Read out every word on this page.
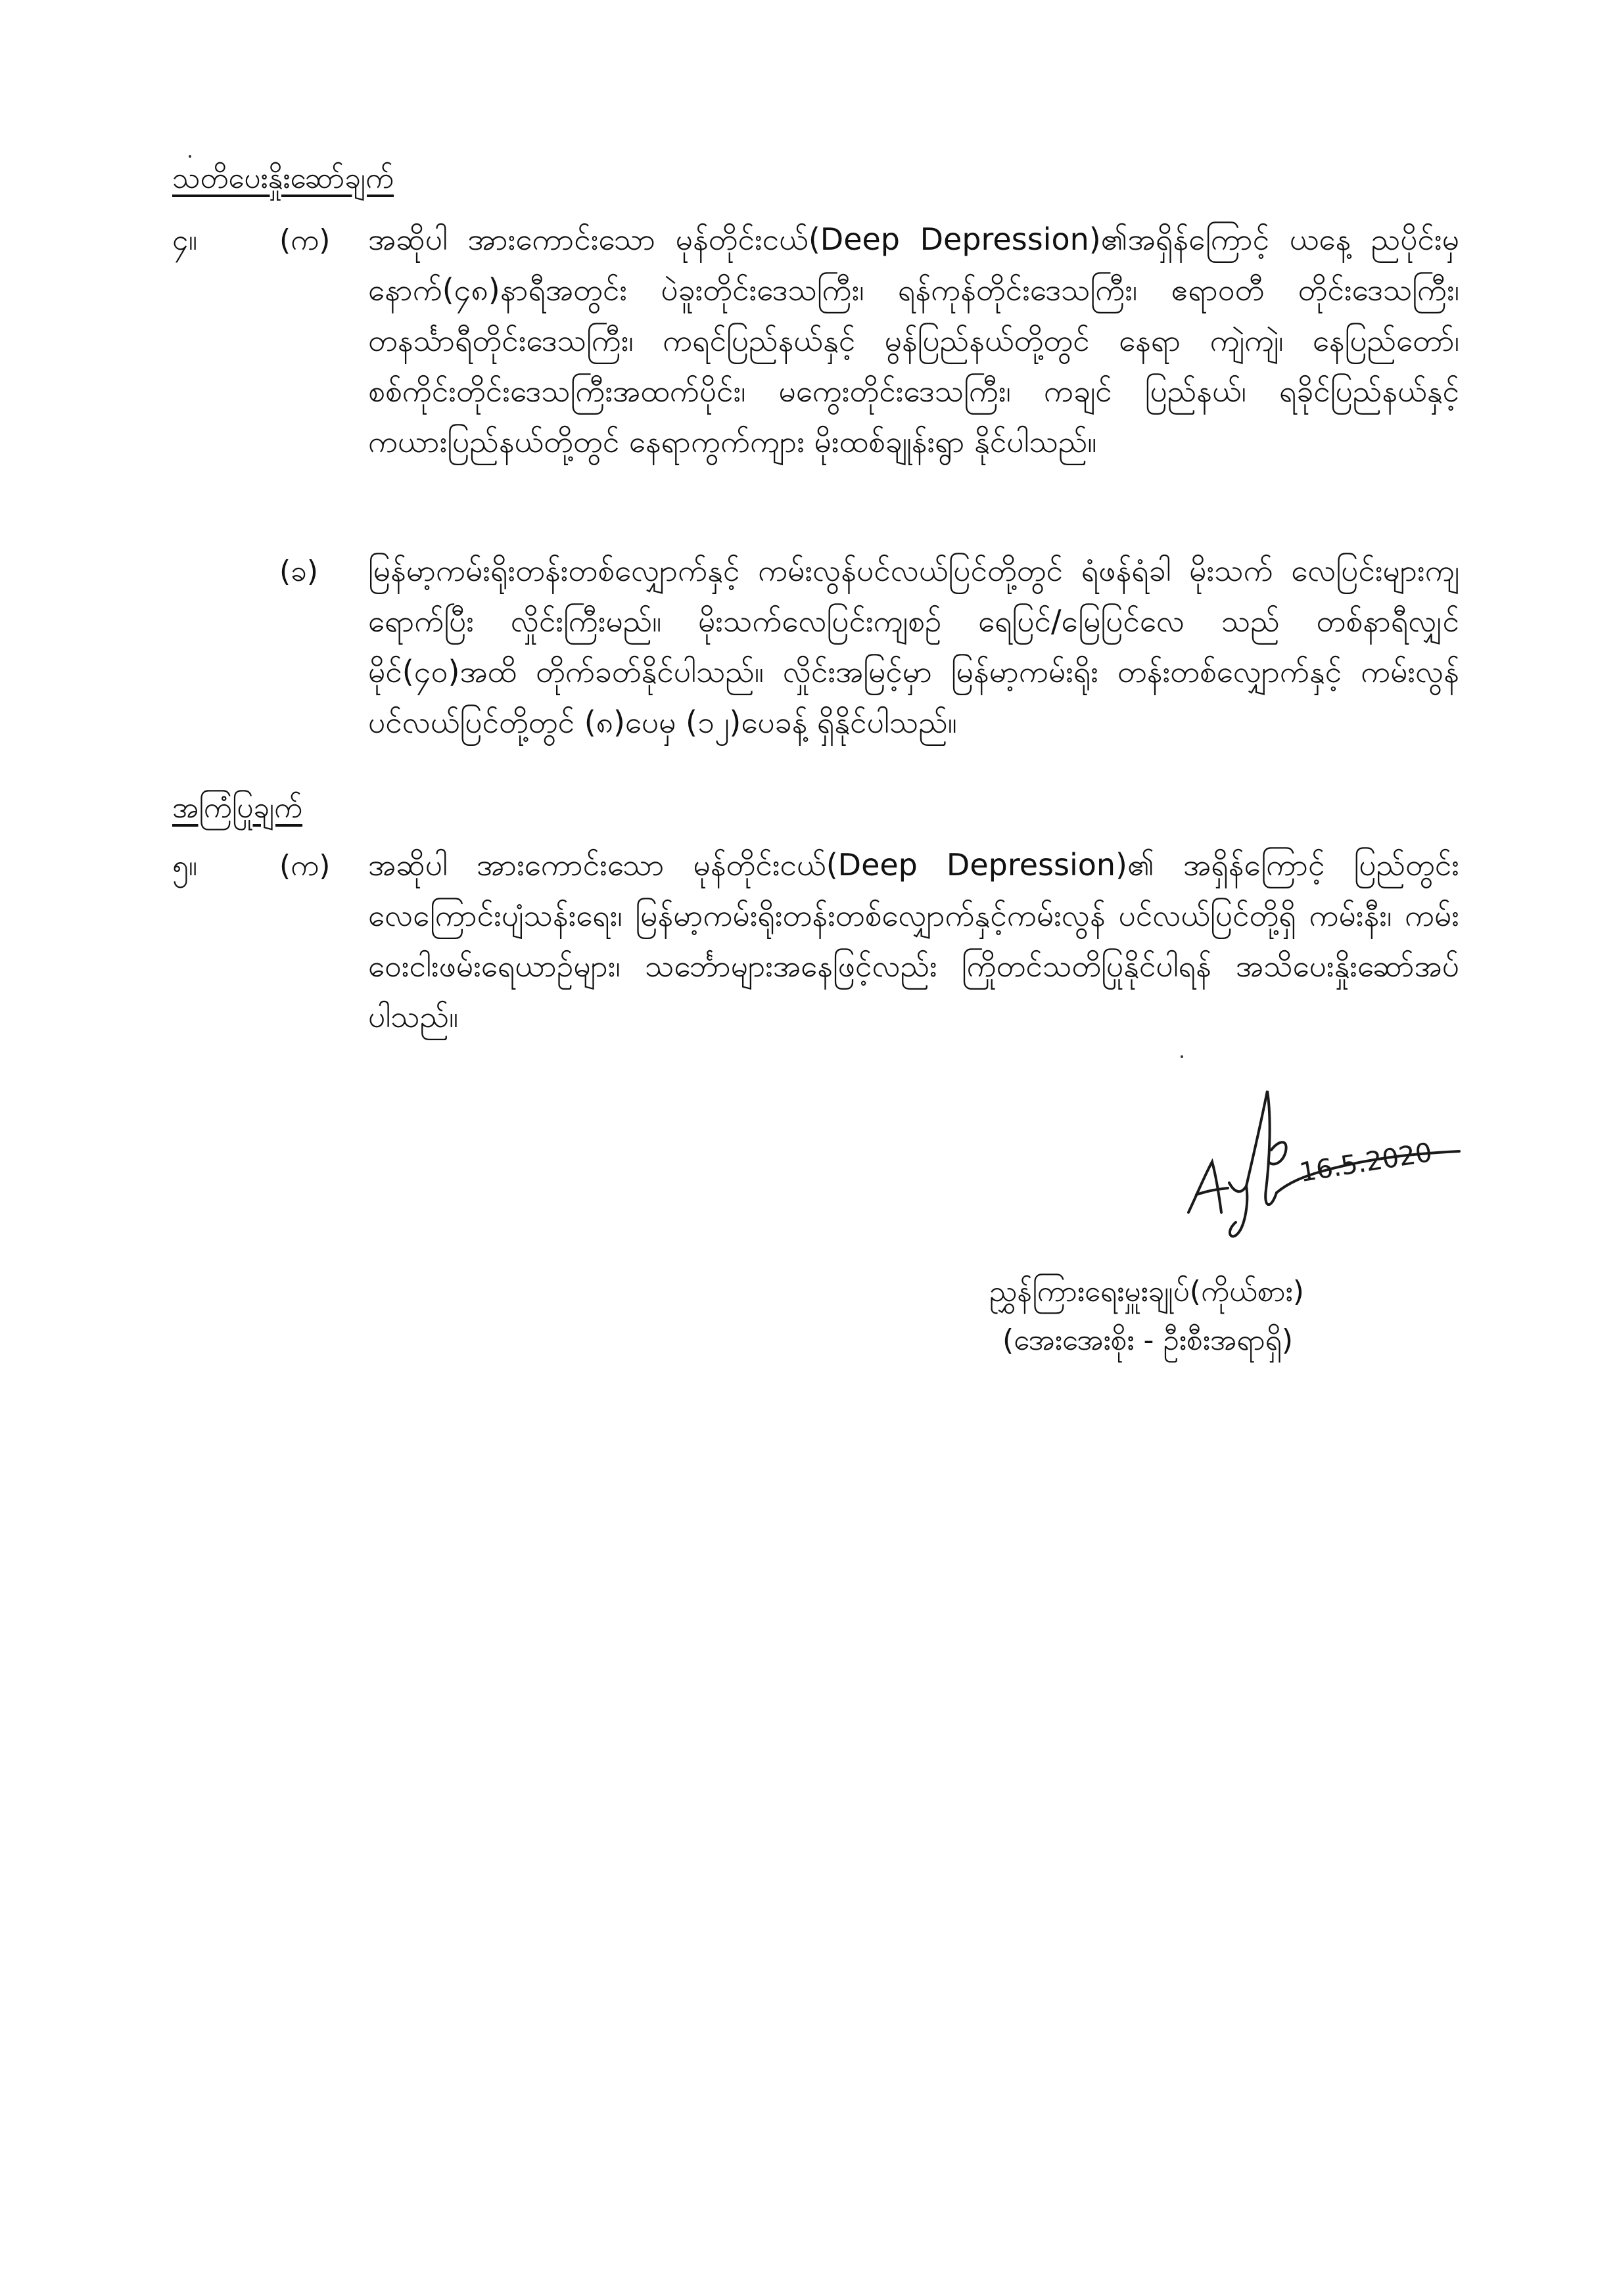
သတိပေးနှိုးဆော်ချက်
၄။	(က) အဆိုပါ အားကောင်းသော မုန်တိုင်းငယ်(Deep Depression)၏အရှိန်ကြောင့် ယနေ့ ညပိုင်းမှ နောက်(၄၈)နာရီအတွင်း ပဲခူးတိုင်းဒေသကြီး၊ ရန်ကုန်တိုင်းဒေသကြီး၊ ဧရာဝတီ တိုင်းဒေသကြီး၊ တနင်္သာရီတိုင်းဒေသကြီး၊ ကရင်ပြည်နယ်နှင့် မွန်ပြည်နယ်တို့တွင် နေရာ ကျဲကျဲ၊ နေပြည်တော်၊ စစ်ကိုင်းတိုင်းဒေသကြီးအထက်ပိုင်း၊ မကွေးတိုင်းဒေသကြီး၊ ကချင် ပြည်နယ်၊ ရခိုင်ပြည်နယ်နှင့် ကယားပြည်နယ်တို့တွင် နေရာကွက်ကျား မိုးထစ်ချုန်းရွာ နိုင်ပါသည်။

(ခ) မြန်မာ့ကမ်းရိုးတန်းတစ်လျှောက်နှင့် ကမ်းလွန်ပင်လယ်ပြင်တို့တွင် ရံဖန်ရံခါ မိုးသက် လေပြင်းများကျရောက်ပြီး လှိုင်းကြီးမည်။ မိုးသက်လေပြင်းကျစဉ် ရေပြင်/မြေပြင်လေ သည် တစ်နာရီလျှင် မိုင်(၄၀)အထိ တိုက်ခတ်နိုင်ပါသည်။ လှိုင်းအမြင့်မှာ မြန်မာ့ကမ်းရိုး တန်းတစ်လျှောက်နှင့် ကမ်းလွန်ပင်လယ်ပြင်တို့တွင် (၈)ပေမှ (၁၂)ပေခန့် ရှိနိုင်ပါသည်။

အကြံပြုချက်
၅။	(က) အဆိုပါ အားကောင်းသော မုန်တိုင်းငယ်(Deep Depression)၏ အရှိန်ကြောင့် ပြည်တွင်း လေကြောင်းပျံသန်းရေး၊ မြန်မာ့ကမ်းရိုးတန်းတစ်လျှောက်နှင့်ကမ်းလွန် ပင်လယ်ပြင်တို့ရှိ ကမ်းနီး၊ ကမ်းဝေးငါးဖမ်းရေယာဉ်များ၊ သင်္ဘောများအနေဖြင့်လည်း ကြိုတင်သတိပြုနိုင်ပါရန် အသိပေးနှိုးဆော်အပ်ပါသည်။

16.5.2020
ညွှန်ကြားရေးမှူးချုပ်(ကိုယ်စား)
(အေးအေးစိုး - ဦးစီးအရာရှိ)
